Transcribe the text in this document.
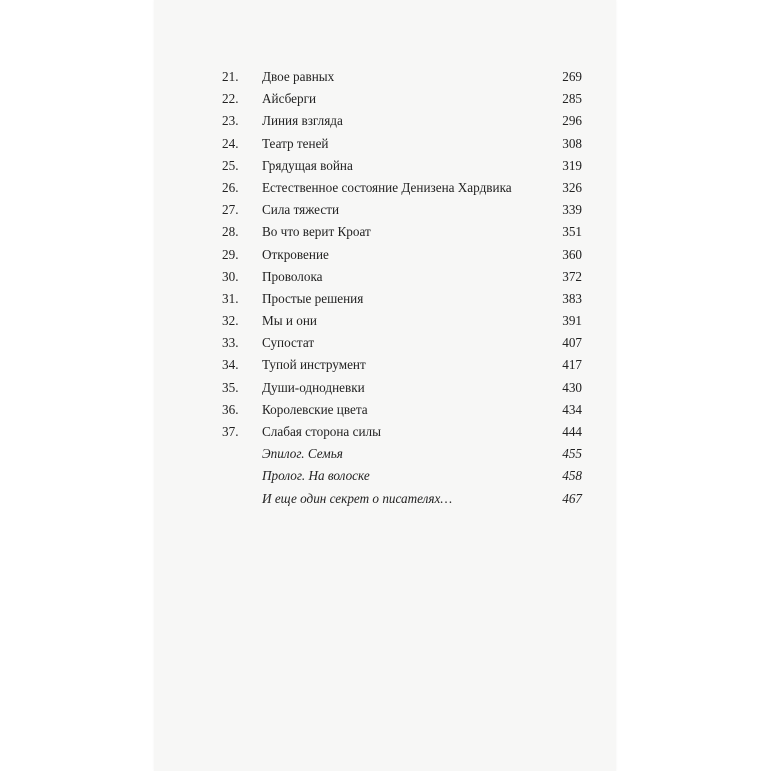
21.	Двое равных	269
22.	Айсберги	285
23.	Линия взгляда	296
24.	Театр теней	308
25.	Грядущая война	319
26.	Естественное состояние Денизена Хардвика	326
27.	Сила тяжести	339
28.	Во что верит Кроат	351
29.	Откровение	360
30.	Проволока	372
31.	Простые решения	383
32.	Мы и они	391
33.	Супостат	407
34.	Тупой инструмент	417
35.	Души-однодневки	430
36.	Королевские цвета	434
37.	Слабая сторона силы	444
Эпилог. Семья	455
Пролог. На волоске	458
И еще один секрет о писателях…	467
